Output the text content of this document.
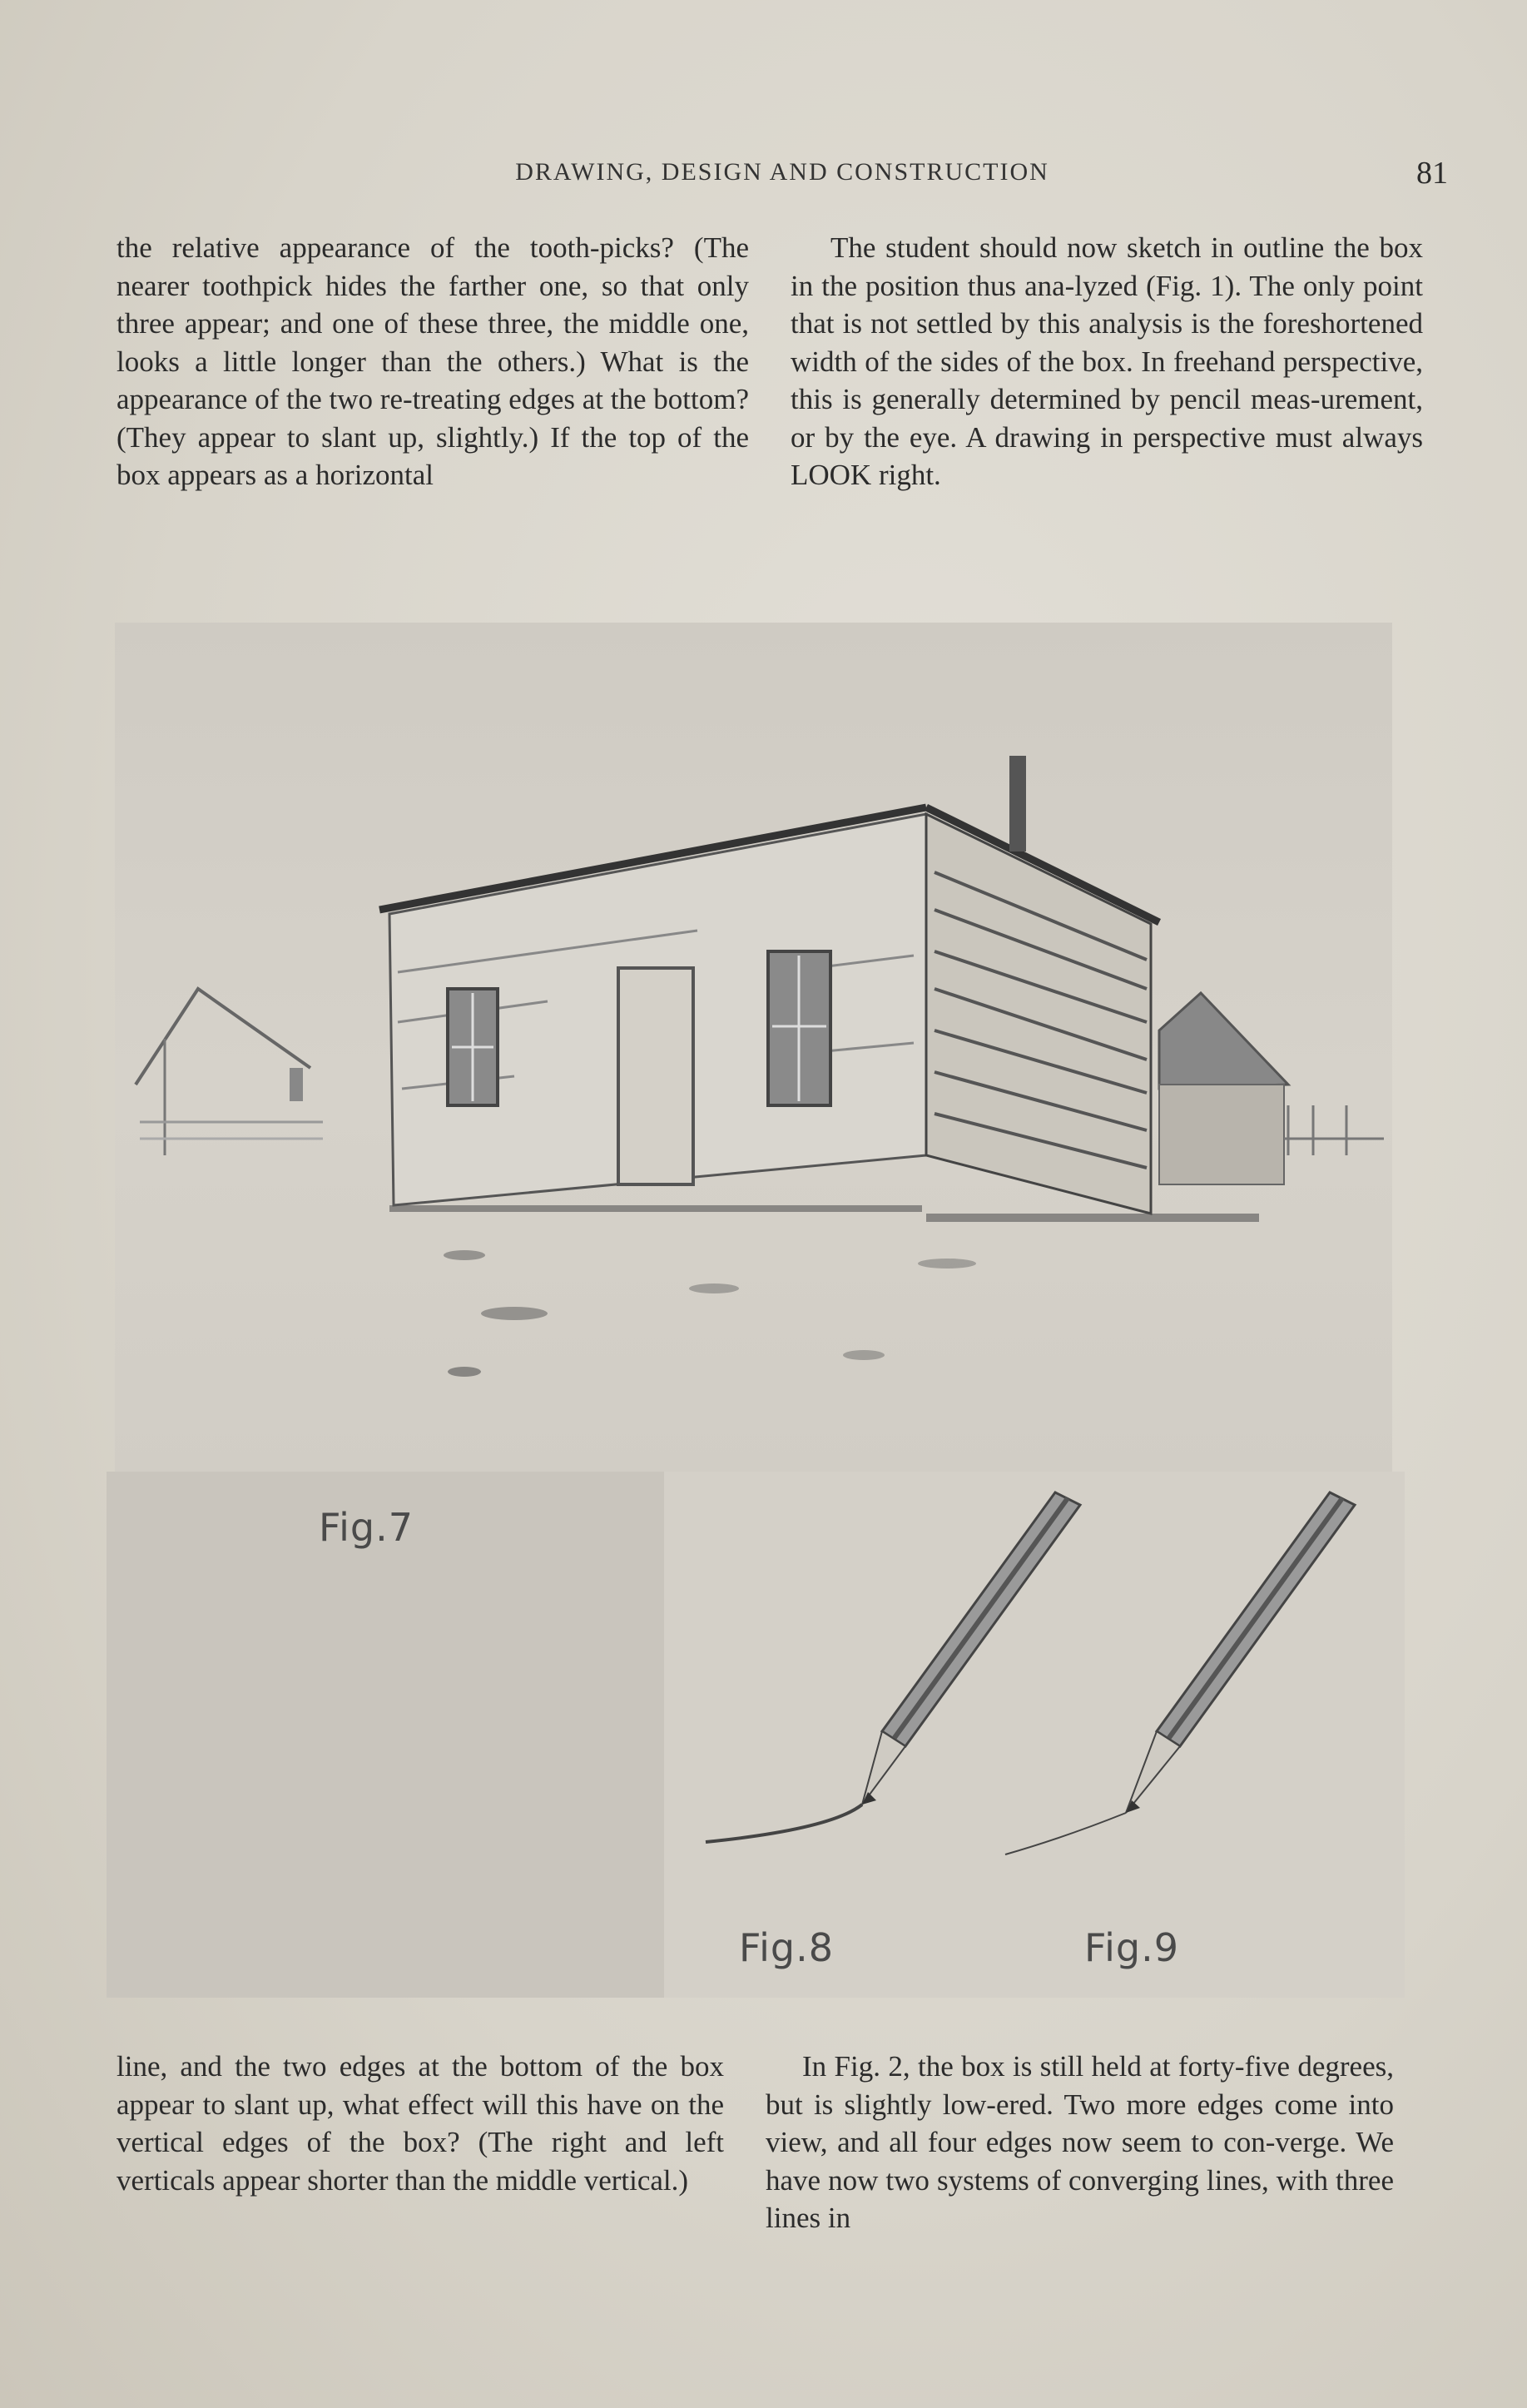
DRAWING, DESIGN AND CONSTRUCTION	81

the relative appearance of the tooth-picks? (The nearer toothpick hides the farther one, so that only three appear; and one of these three, the middle one, looks a little longer than the others.) What is the appearance of the two re-treating edges at the bottom? (They appear to slant up, slightly.) If the top of the box appears as a horizontal

The student should now sketch in outline the box in the position thus ana-lyzed (Fig. 1). The only point that is not settled by this analysis is the foreshortened width of the sides of the box. In freehand perspective, this is generally determined by pencil meas-urement, or by the eye. A drawing in perspective must always LOOK right.

Fig.7
Fig.8	Fig.9

line, and the two edges at the bottom of the box appear to slant up, what effect will this have on the vertical edges of the box? (The right and left verticals appear shorter than the middle vertical.)

In Fig. 2, the box is still held at forty-five degrees, but is slightly low-ered. Two more edges come into view, and all four edges now seem to con-verge. We have now two systems of converging lines, with three lines in
